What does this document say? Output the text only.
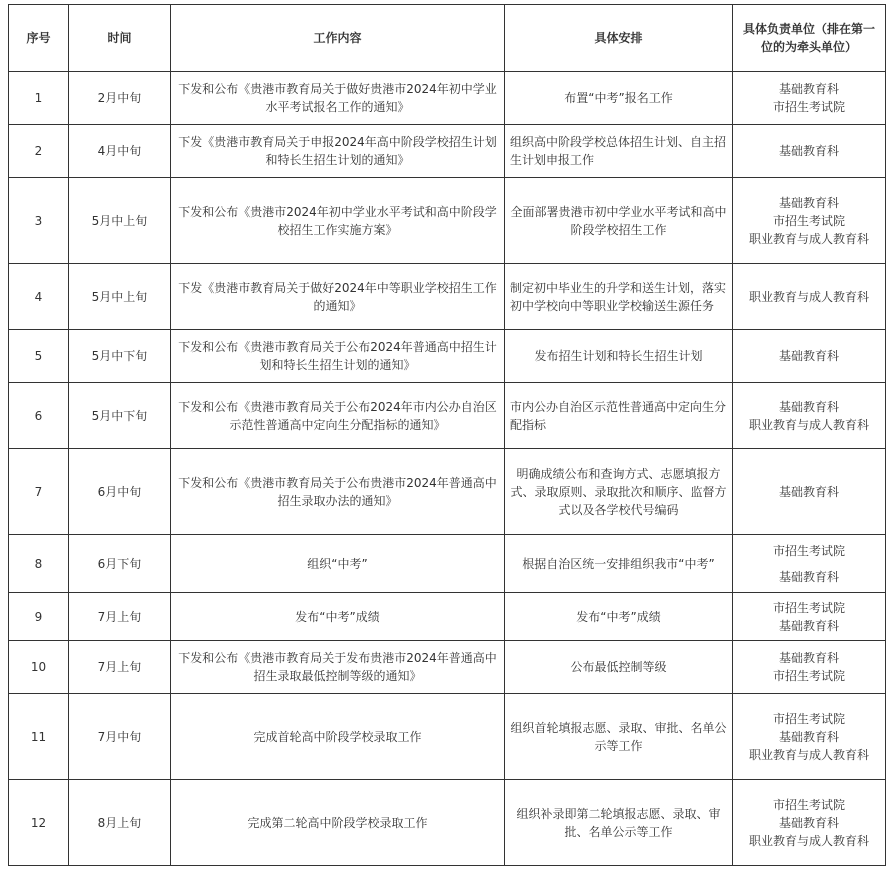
序号	时间	工作内容	具体安排	具体负责单位（排在第一位的为牵头单位）
1	2月中旬	下发和公布《贵港市教育局关于做好贵港市2024年初中学业水平考试报名工作的通知》	布置“中考”报名工作	基础教育科
市招生考试院

2	4月中旬	下发《贵港市教育局关于申报2024年高中阶段学校招生计划和特长生招生计划的通知》	组织高中阶段学校总体招生计划、自主招生计划申报工作	基础教育科

3	5月中上旬	下发和公布《贵港市2024年初中学业水平考试和高中阶段学校招生工作实施方案》	全面部署贵港市初中学业水平考试和高中阶段学校招生工作	基础教育科
市招生考试院
职业教育与成人教育科

4	5月中上旬	下发《贵港市教育局关于做好2024年中等职业学校招生工作的通知》	制定初中毕业生的升学和送生计划，落实初中学校向中等职业学校输送生源任务	职业教育与成人教育科

5	5月中下旬	下发和公布《贵港市教育局关于公布2024年普通高中招生计划和特长生招生计划的通知》	发布招生计划和特长生招生计划	基础教育科

6	5月中下旬	下发和公布《贵港市教育局关于公布2024年市内公办自治区示范性普通高中定向生分配指标的通知》	市内公办自治区示范性普通高中定向生分配指标	基础教育科
职业教育与成人教育科

7	6月中旬	下发和公布《贵港市教育局关于公布贵港市2024年普通高中招生录取办法的通知》	明确成绩公布和查询方式、志愿填报方式、录取原则、录取批次和顺序、监督方式以及各学校代号编码	基础教育科

8	6月下旬	组织“中考”	根据自治区统一安排组织我市“中考”	市招生考试院
基础教育科

9	7月上旬	发布“中考”成绩	发布“中考”成绩	市招生考试院
基础教育科

10	7月上旬	下发和公布《贵港市教育局关于发布贵港市2024年普通高中招生录取最低控制等级的通知》	公布最低控制等级	基础教育科
市招生考试院

11	7月中旬	完成首轮高中阶段学校录取工作	组织首轮填报志愿、录取、审批、名单公示等工作	市招生考试院
基础教育科
职业教育与成人教育科

12	8月上旬	完成第二轮高中阶段学校录取工作	组织补录即第二轮填报志愿、录取、审批、名单公示等工作	市招生考试院
基础教育科
职业教育与成人教育科
